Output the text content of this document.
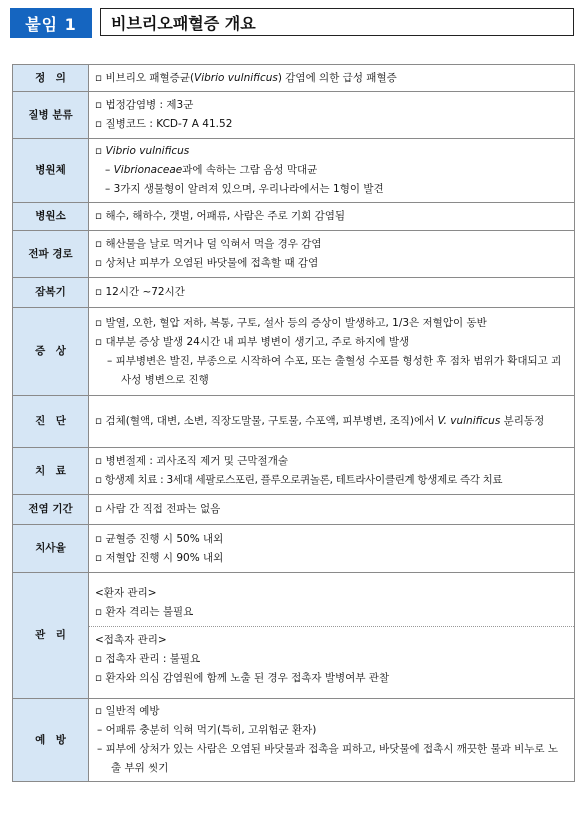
붙임 1	비브리오패혈증 개요
정　의	▫ 비브리오 패혈증균(Vibrio vulnificus) 감염에 의한 급성 패혈증

질병 분류	▫ 법정감염병 : 제3군
▫ 질병코드 : KCD-7 A 41.52

병원체	▫ Vibrio vulnificus
– Vibrionaceae과에 속하는 그람 음성 막대균
– 3가지 생물형이 알려져 있으며, 우리나라에서는 1형이 발견

병원소	▫ 해수, 해하수, 갯벌, 어패류, 사람은 주로 기회 감염됨

전파 경로	▫ 해산물을 날로 먹거나 덜 익혀서 먹을 경우 감염
▫ 상처난 피부가 오염된 바닷물에 접촉할 때 감염

잠복기	▫ 12시간 ~72시간

증　상	▫ 발열, 오한, 혈압 저하, 복통, 구토, 설사 등의 증상이 발생하고, 1/3은 저혈압이 동반
▫ 대부분 증상 발생 24시간 내 피부 병변이 생기고, 주로 하지에 발생
– 피부병변은 발진, 부종으로 시작하여 수포, 또는 출혈성 수포를 형성한 후 점차 범위가 확대되고 괴사성 병변으로 진행

진　단	▫ 검체(혈액, 대변, 소변, 직장도말물, 구토물, 수포액, 피부병변, 조직)에서 V. vulnificus 분리동정

치　료	▫ 병변절제 : 괴사조직 제거 및 근막절개술
▫ 항생제 치료 : 3세대 세팔로스포린, 플루오로퀴놀론, 테트라사이클린계 항생제로 즉각 치료

전염 기간	▫ 사람 간 직접 전파는 없음

치사율	▫ 균혈증 진행 시 50% 내외
▫ 저혈압 진행 시 90% 내외

관　리	<환자 관리>
▫ 환자 격리는 불필요
<접촉자 관리>
▫ 접촉자 관리 : 불필요
▫ 환자와 의심 감염원에 함께 노출 된 경우 접촉자 발병여부 관찰

예　방	▫ 일반적 예방
– 어패류 충분히 익혀 먹기(특히, 고위험군 환자)
– 피부에 상처가 있는 사람은 오염된 바닷물과 접촉을 피하고, 바닷물에 접촉시 깨끗한 물과 비누로 노출 부위 씻기
